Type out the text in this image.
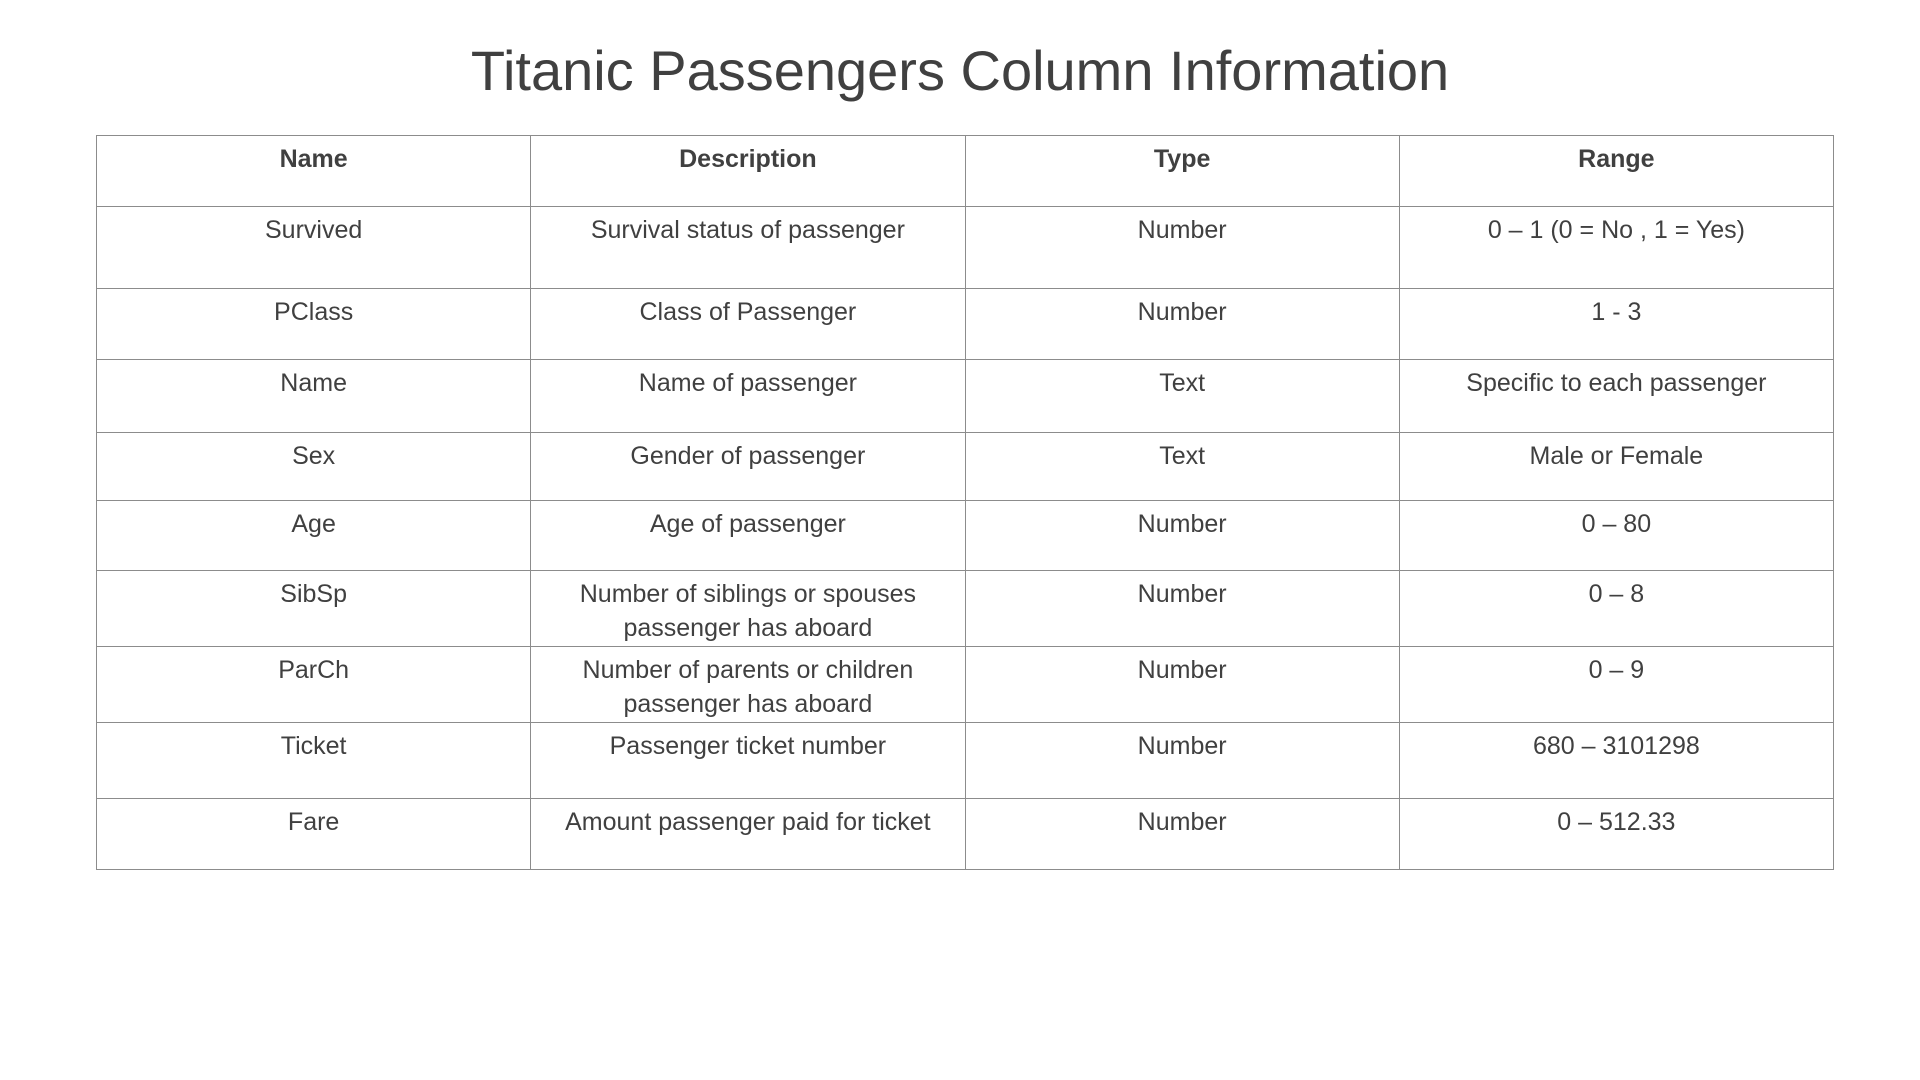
Titanic Passengers Column Information
Name	Description	Type	Range
Survived	Survival status of passenger	Number	0 – 1 (0 = No , 1 = Yes)
PClass	Class of Passenger	Number	1 - 3
Name	Name of passenger	Text	Specific to each passenger
Sex	Gender of passenger	Text	Male or Female
Age	Age of passenger	Number	0 – 80
SibSp	Number of siblings or spouses passenger has aboard	Number	0 – 8
ParCh	Number of parents or children passenger has aboard	Number	0 – 9
Ticket	Passenger ticket number	Number	680 – 3101298
Fare	Amount passenger paid for ticket	Number	0 – 512.33
